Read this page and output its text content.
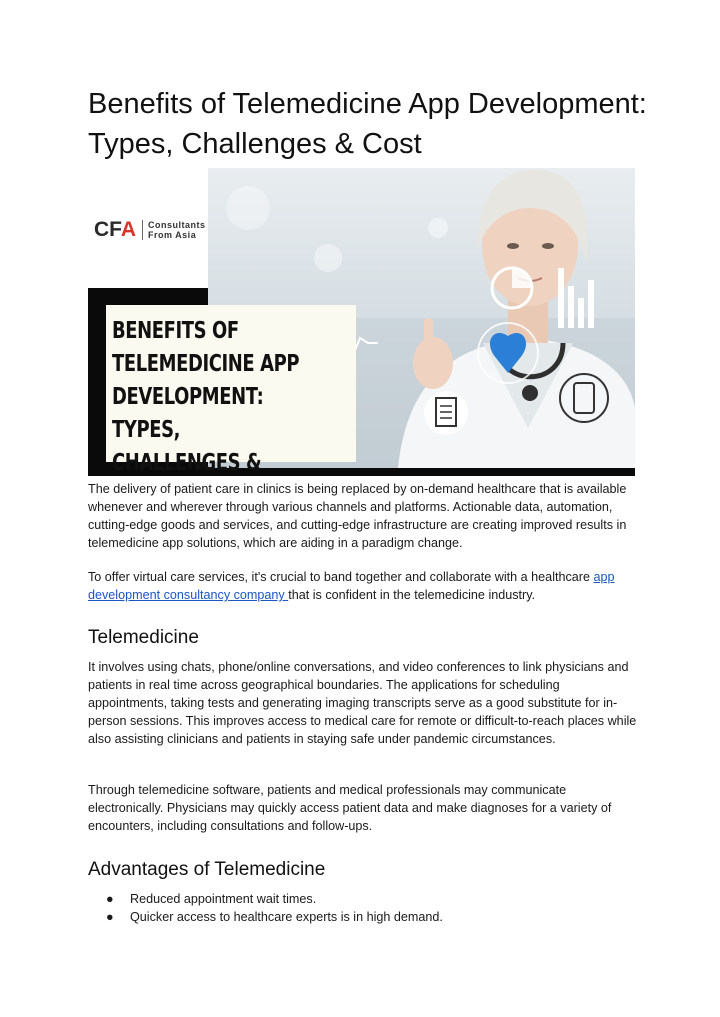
Benefits of Telemedicine App Development: Types, Challenges & Cost
CFA	Consultants
From Asia
BENEFITS OF
TELEMEDICINE APP
DEVELOPMENT: TYPES,
CHALLENGES &

The delivery of patient care in clinics is being replaced by on-demand healthcare that is available whenever and wherever through various channels and platforms. Actionable data, automation, cutting-edge goods and services, and cutting-edge infrastructure are creating improved results in telemedicine app solutions, which are aiding in a paradigm change.

To offer virtual care services, it's crucial to band together and collaborate with a healthcare app development consultancy company that is confident in the telemedicine industry.

Telemedicine

It involves using chats, phone/online conversations, and video conferences to link physicians and patients in real time across geographical boundaries. The applications for scheduling appointments, taking tests and generating imaging transcripts serve as a good substitute for in-person sessions. This improves access to medical care for remote or difficult-to-reach places while also assisting clinicians and patients in staying safe under pandemic circumstances.

Through telemedicine software, patients and medical professionals may communicate electronically. Physicians may quickly access patient data and make diagnoses for a variety of encounters, including consultations and follow-ups.

Advantages of Telemedicine
● Reduced appointment wait times.
● Quicker access to healthcare experts is in high demand.
